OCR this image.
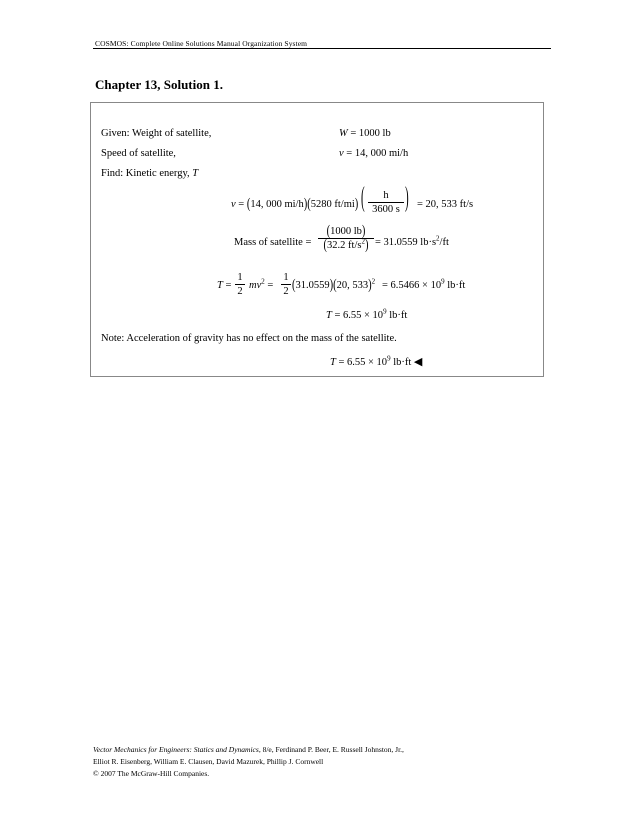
COSMOS: Complete Online Solutions Manual Organization System
Chapter 13, Solution 1.
Given: Weight of satellite,	W = 1000 lb
Speed of satellite,	v = 14, 000 mi/h
Find: Kinetic energy, T
v = (14, 000 mi/h)(5280 ft/mi) (	h
3600 s ) = 20, 533 ft/s
Mass of satellite =
(1000 lb)
(32.2 $ft/s^2) = 31.0559$ $lb\cdot s^2/ft$
T =
1
2
$mv^2$ =
1
2 (31.0559)(20, $533)^2 = 6.5466 \times 10^9$ lb·ft
$T = 6.55 \times 10^9$ lb·ft
Note: Acceleration of gravity has no effect on the mass of the satellite.
$T = 6.55 \times 10^9$ lb·ft ◀
Vector Mechanics for Engineers: Statics and Dynamics, 8/e, Ferdinand P. Beer, E. Russell Johnston, Jr.,
Elliot R. Eisenberg, William E. Clausen, David Mazurek, Phillip J. Cornwell
© 2007 The McGraw-Hill Companies.
